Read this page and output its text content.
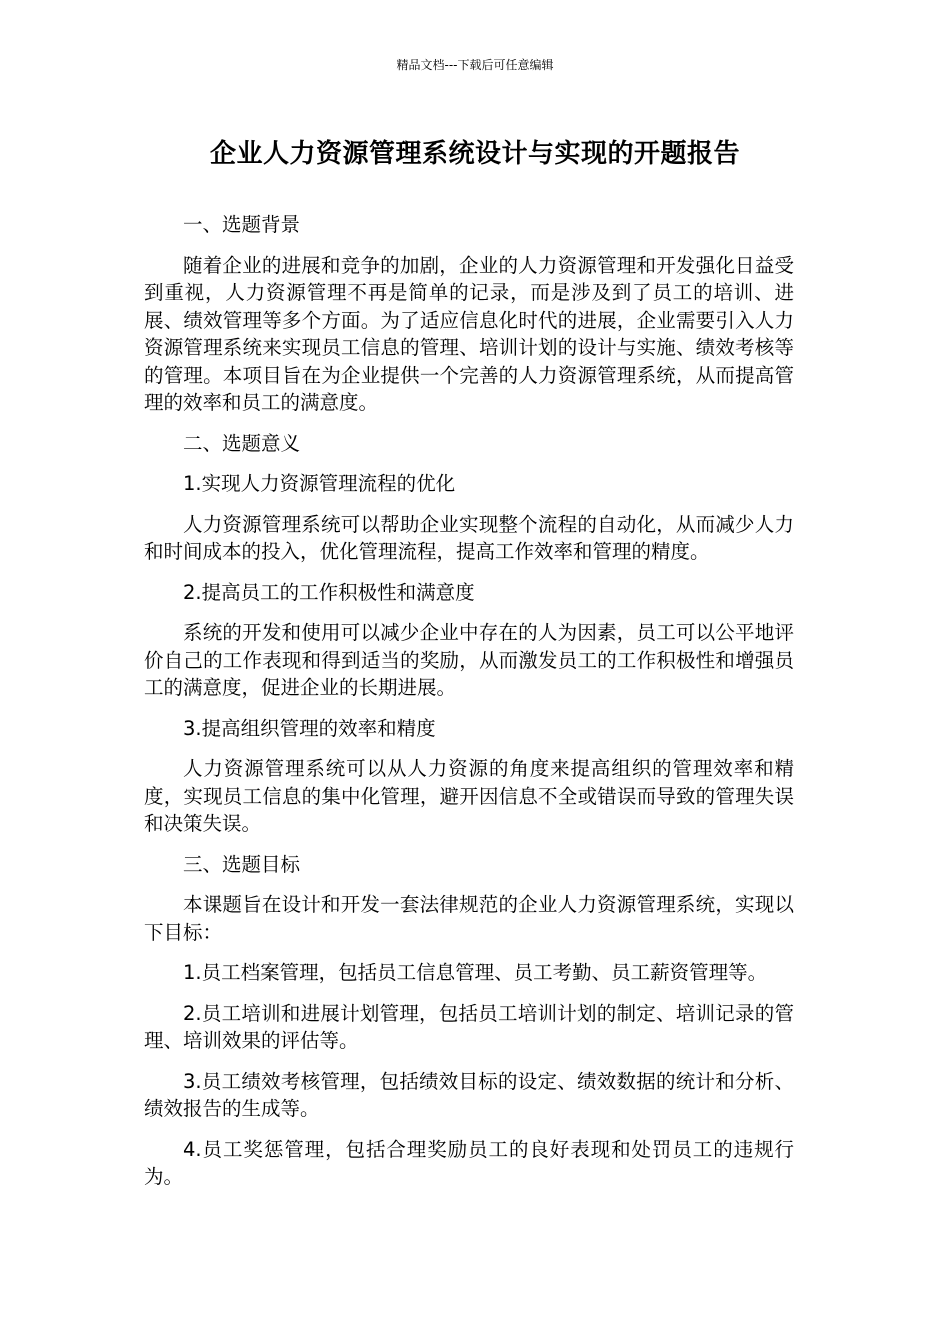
精品文档---下载后可任意编辑
企业人力资源管理系统设计与实现的开题报告

一、选题背景

随着企业的进展和竞争的加剧，企业的人力资源管理和开发强化日益受到重视，人力资源管理不再是简单的记录，而是涉及到了员工的培训、进展、绩效管理等多个方面。为了适应信息化时代的进展，企业需要引入人力资源管理系统来实现员工信息的管理、培训计划的设计与实施、绩效考核等的管理。本项目旨在为企业提供一个完善的人力资源管理系统，从而提高管理的效率和员工的满意度。

二、选题意义

1.实现人力资源管理流程的优化

人力资源管理系统可以帮助企业实现整个流程的自动化，从而减少人力和时间成本的投入，优化管理流程，提高工作效率和管理的精度。

2.提高员工的工作积极性和满意度

系统的开发和使用可以减少企业中存在的人为因素，员工可以公平地评价自己的工作表现和得到适当的奖励，从而激发员工的工作积极性和增强员工的满意度，促进企业的长期进展。

3.提高组织管理的效率和精度

人力资源管理系统可以从人力资源的角度来提高组织的管理效率和精度，实现员工信息的集中化管理，避开因信息不全或错误而导致的管理失误和决策失误。

三、选题目标

本课题旨在设计和开发一套法律规范的企业人力资源管理系统，实现以下目标：

1.员工档案管理，包括员工信息管理、员工考勤、员工薪资管理等。

2.员工培训和进展计划管理，包括员工培训计划的制定、培训记录的管理、培训效果的评估等。

3.员工绩效考核管理，包括绩效目标的设定、绩效数据的统计和分析、绩效报告的生成等。

4.员工奖惩管理，包括合理奖励员工的良好表现和处罚员工的违规行为。
